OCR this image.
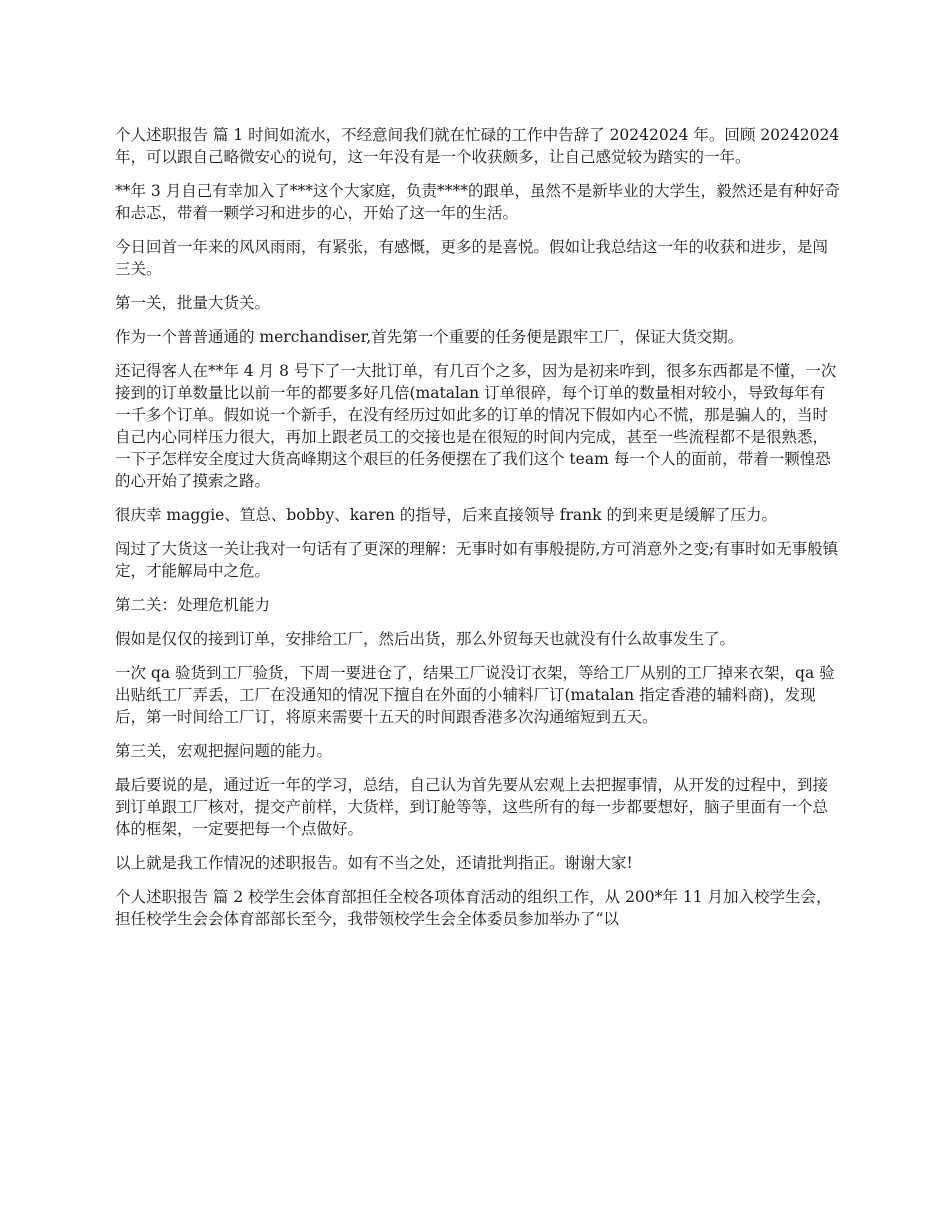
个人述职报告 篇 1 时间如流水，不经意间我们就在忙碌的工作中告辞了 20242024 年。回顾 20242024 年，可以跟自己略微安心的说句，这一年没有是一个收获颇多，让自己感觉较为踏实的一年。

**年 3 月自己有幸加入了***这个大家庭，负责****的跟单，虽然不是新毕业的大学生，毅然还是有种好奇和忐忑，带着一颗学习和进步的心，开始了这一年的生活。

今日回首一年来的风风雨雨，有紧张，有感慨，更多的是喜悦。假如让我总结这一年的收获和进步，是闯三关。

第一关，批量大货关。

作为一个普普通通的 merchandiser,首先第一个重要的任务便是跟牢工厂，保证大货交期。

还记得客人在**年 4 月 8 号下了一大批订单，有几百个之多，因为是初来咋到，很多东西都是不懂，一次接到的订单数量比以前一年的都要多好几倍(matalan 订单很碎，每个订单的数量相对较小，导致每年有一千多个订单。假如说一个新手，在没有经历过如此多的订单的情况下假如内心不慌，那是骗人的，当时自己内心同样压力很大，再加上跟老员工的交接也是在很短的时间内完成，甚至一些流程都不是很熟悉，一下子怎样安全度过大货高峰期这个艰巨的任务便摆在了我们这个 team 每一个人的面前，带着一颗惶恐的心开始了摸索之路。

很庆幸 maggie、笪总、bobby、karen 的指导，后来直接领导 frank 的到来更是缓解了压力。

闯过了大货这一关让我对一句话有了更深的理解：无事时如有事般提防,方可消意外之变;有事时如无事般镇定，才能解局中之危。

第二关：处理危机能力

假如是仅仅的接到订单，安排给工厂，然后出货，那么外贸每天也就没有什么故事发生了。

一次 qa 验货到工厂验货，下周一要进仓了，结果工厂说没订衣架，等给工厂从别的工厂掉来衣架，qa 验出贴纸工厂弄丢，工厂在没通知的情况下擅自在外面的小辅料厂订(matalan 指定香港的辅料商)，发现后，第一时间给工厂订，将原来需要十五天的时间跟香港多次沟通缩短到五天。

第三关，宏观把握问题的能力。

最后要说的是，通过近一年的学习，总结，自己认为首先要从宏观上去把握事情，从开发的过程中，到接到订单跟工厂核对，提交产前样，大货样，到订舱等等，这些所有的每一步都要想好，脑子里面有一个总体的框架，一定要把每一个点做好。

以上就是我工作情况的述职报告。如有不当之处，还请批判指正。谢谢大家!

个人述职报告 篇 2 校学生会体育部担任全校各项体育活动的组织工作，从 200*年 11 月加入校学生会，担任校学生会会体育部部长至今，我带领校学生会全体委员参加举办了“以
